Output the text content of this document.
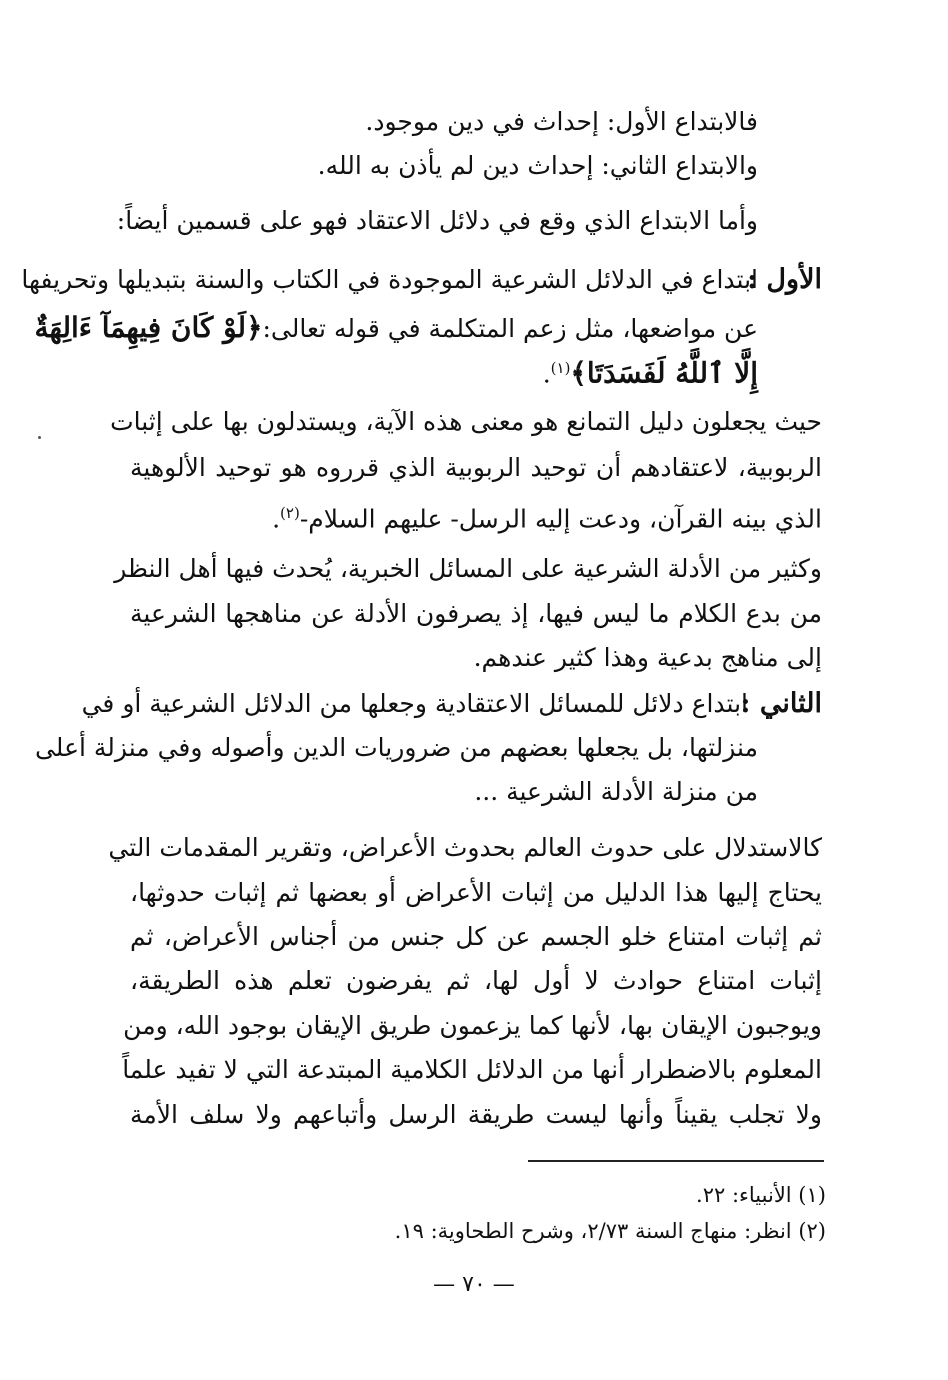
فالابتداع الأول: إحداث في دين موجود.
والابتداع الثاني: إحداث دين لم يأذن به الله.
وأما الابتداع الذي وقع في دلائل الاعتقاد فهو على قسمين أيضاً:
الأول :
ابتداع في الدلائل الشرعية الموجودة في الكتاب والسنة بتبديلها وتحريفها
عن مواضعها، مثل زعم المتكلمة في قوله تعالى:﴿لَوْ كَانَ فِيهِمَآ ءَالِهَةٌ
إِلَّا ٱللَّهُ لَفَسَدَتَا﴾$^{(١)}$.
حيث يجعلون دليل التمانع هو معنى هذه الآية، ويستدلون بها على إثبات
الربوبية، لاعتقادهم أن توحيد الربوبية الذي قرروه هو توحيد الألوهية
الذي بينه القرآن، ودعت إليه الرسل- عليهم السلام-$^{(٢)}$.
وكثير من الأدلة الشرعية على المسائل الخبرية، يُحدث فيها أهل النظر
من بدع الكلام ما ليس فيها، إذ يصرفون الأدلة عن مناهجها الشرعية
إلى مناهج بدعية وهذا كثير عندهم.
الثاني :
ابتداع دلائل للمسائل الاعتقادية وجعلها من الدلائل الشرعية أو في
منزلتها، بل يجعلها بعضهم من ضروريات الدين وأصوله وفي منزلة أعلى
من منزلة الأدلة الشرعية ...
كالاستدلال على حدوث العالم بحدوث الأعراض، وتقرير المقدمات التي
يحتاج إليها هذا الدليل من إثبات الأعراض أو بعضها ثم إثبات حدوثها،
ثم إثبات امتناع خلو الجسم عن كل جنس من أجناس الأعراض، ثم
إثبات امتناع حوادث لا أول لها، ثم يفرضون تعلم هذه الطريقة،
ويوجبون الإيقان بها، لأنها كما يزعمون طريق الإيقان بوجود الله، ومن
المعلوم بالاضطرار أنها من الدلائل الكلامية المبتدعة التي لا تفيد علماً
ولا تجلب يقيناً وأنها ليست طريقة الرسل وأتباعهم ولا سلف الأمة
(١) الأنبياء: ٢٢.
(٢) انظر: منهاج السنة ٢/٧٣، وشرح الطحاوية: ١٩.
— ٧٠ —
